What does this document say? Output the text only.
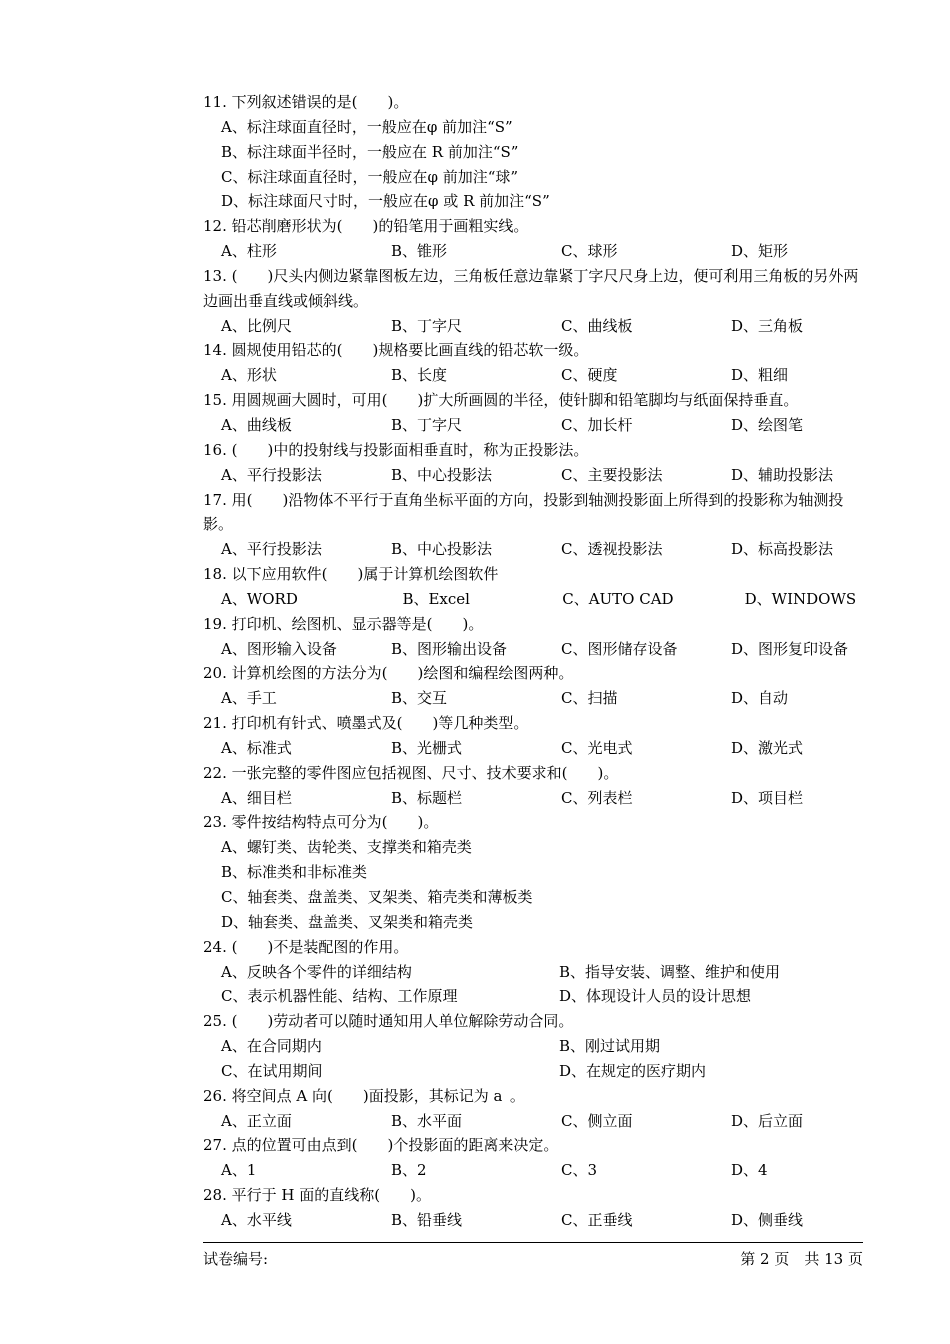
11. 下列叙述错误的是(　　)。
A、标注球面直径时，一般应在φ 前加注“S”
B、标注球面半径时，一般应在 R 前加注“S”
C、标注球面直径时，一般应在φ 前加注“球”
D、标注球面尺寸时，一般应在φ 或 R 前加注“S”
12. 铅芯削磨形状为(　　)的铅笔用于画粗实线。
A、柱形	B、锥形	C、球形	D、矩形
13. (　　)尺头内侧边紧靠图板左边，三角板任意边靠紧丁字尺尺身上边，便可利用三角板的另外两边画出垂直线或倾斜线。
A、比例尺	B、丁字尺	C、曲线板	D、三角板
14. 圆规使用铅芯的(　　)规格要比画直线的铅芯软一级。
A、形状	B、长度	C、硬度	D、粗细
15. 用圆规画大圆时，可用(　　)扩大所画圆的半径，使针脚和铅笔脚均与纸面保持垂直。
A、曲线板	B、丁字尺	C、加长杆	D、绘图笔
16. (　　)中的投射线与投影面相垂直时，称为正投影法。
A、平行投影法	B、中心投影法	C、主要投影法	D、辅助投影法
17. 用(　　)沿物体不平行于直角坐标平面的方向，投影到轴测投影面上所得到的投影称为轴测投影。
A、平行投影法	B、中心投影法	C、透视投影法	D、标高投影法
18. 以下应用软件(　　)属于计算机绘图软件
A、WORD	B、Excel	C、AUTO CAD	D、WINDOWS
19. 打印机、绘图机、显示器等是(　　)。
A、图形输入设备	B、图形输出设备	C、图形储存设备	D、图形复印设备
20. 计算机绘图的方法分为(　　)绘图和编程绘图两种。
A、手工	B、交互	C、扫描	D、自动
21. 打印机有针式、喷墨式及(　　)等几种类型。
A、标准式	B、光栅式	C、光电式	D、激光式
22. 一张完整的零件图应包括视图、尺寸、技术要求和(　　)。
A、细目栏	B、标题栏	C、列表栏	D、项目栏
23. 零件按结构特点可分为(　　)。
A、螺钉类、齿轮类、支撑类和箱壳类
B、标准类和非标准类
C、轴套类、盘盖类、叉架类、箱壳类和薄板类
D、轴套类、盘盖类、叉架类和箱壳类
24. (　　)不是装配图的作用。
A、反映各个零件的详细结构	B、指导安装、调整、维护和使用
C、表示机器性能、结构、工作原理	D、体现设计人员的设计思想
25. (　　)劳动者可以随时通知用人单位解除劳动合同。
A、在合同期内	B、刚过试用期
C、在试用期间	D、在规定的医疗期内
26. 将空间点 A 向(　　)面投影，其标记为 a 。
A、正立面	B、水平面	C、侧立面	D、后立面
27. 点的位置可由点到(　　)个投影面的距离来决定。
A、1	B、2	C、3	D、4
28. 平行于 H 面的直线称(　　)。
A、水平线	B、铅垂线	C、正垂线	D、侧垂线
试卷编号:	第 2 页　共 13 页
